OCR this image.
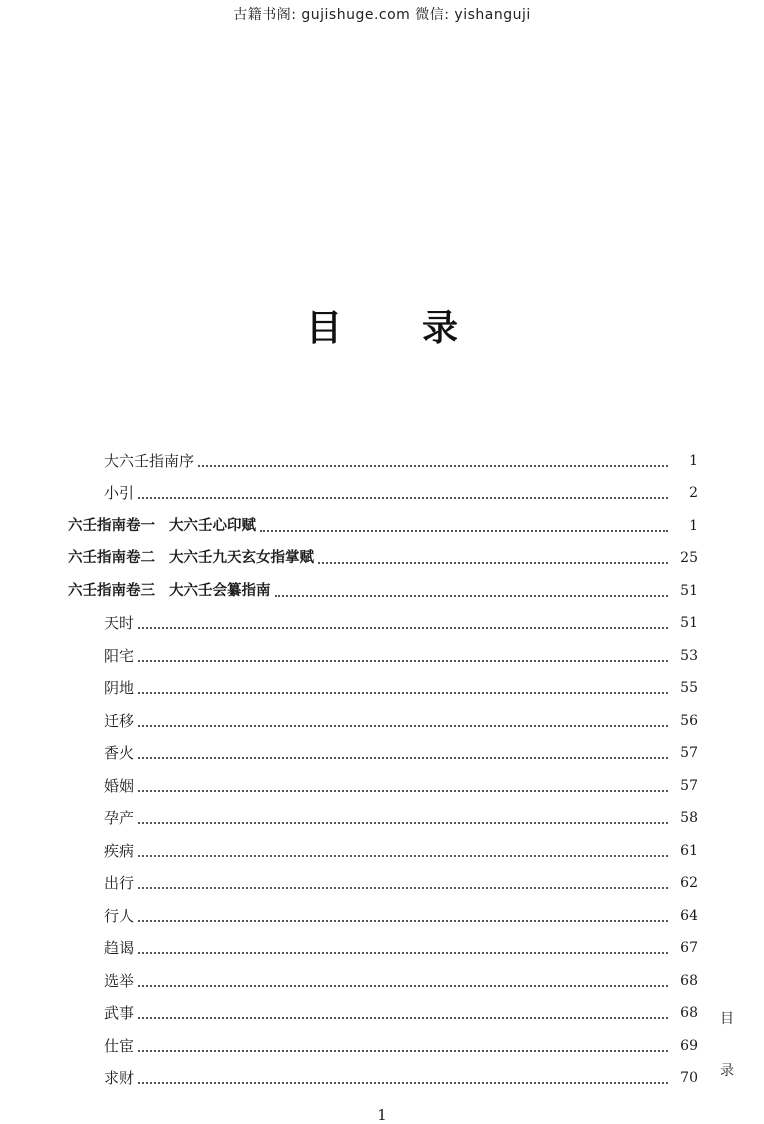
古籍书阁: gujishuge.com 微信: yishanguji
目 录
大六壬指南序	1
小引	2
六壬指南卷一 大六壬心印赋	1
六壬指南卷二 大六壬九天玄女指掌赋	25
六壬指南卷三 大六壬会纂指南	51
天时	51
阳宅	53
阴地	55
迁移	56
香火	57
婚姻	57
孕产	58
疾病	61
出行	62
行人	64
趋谒	67
选举	68
武事	68
仕宦	69
求财	70
目
录
1
